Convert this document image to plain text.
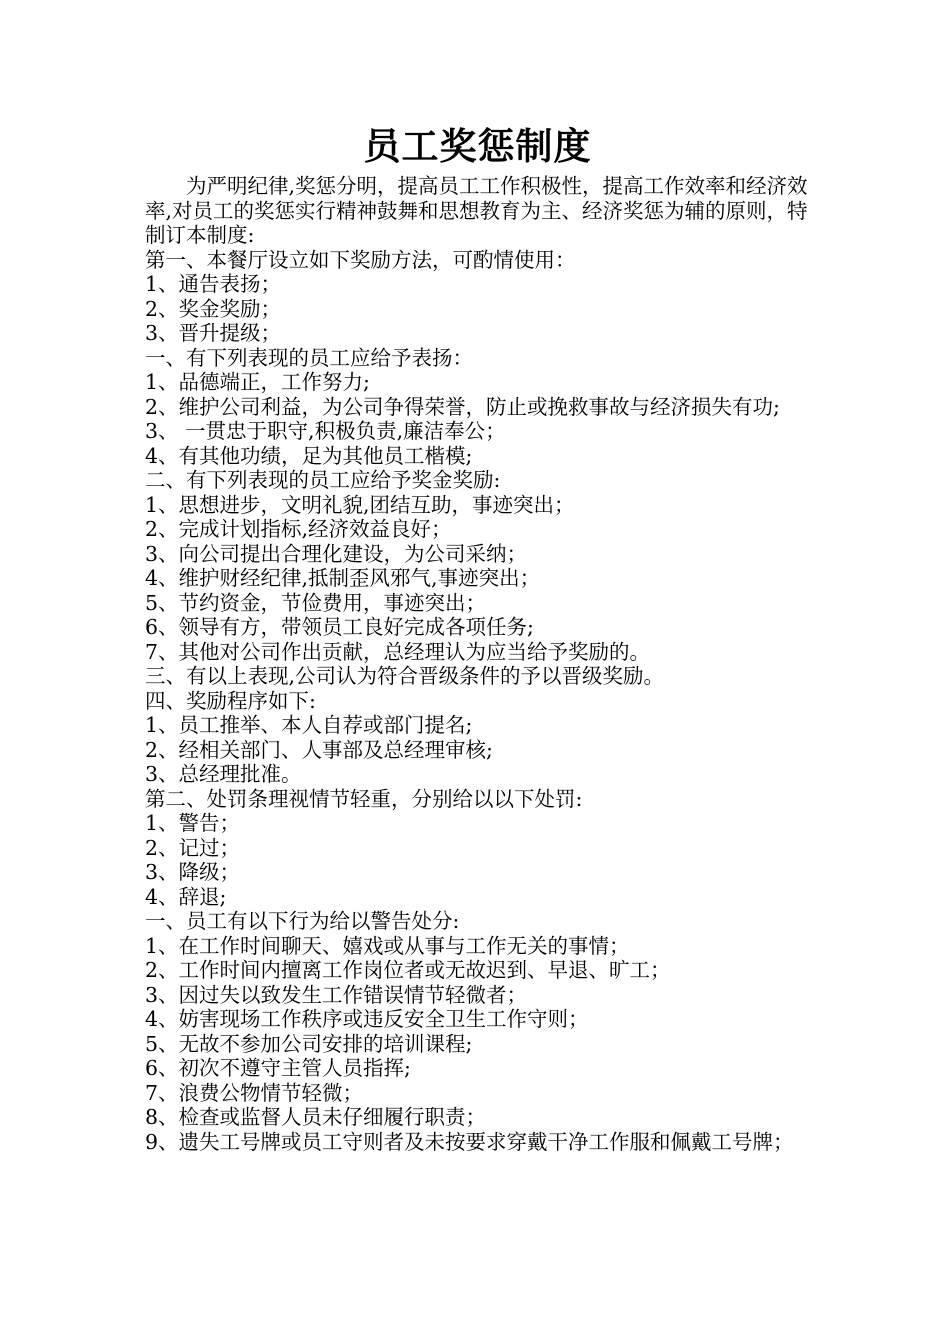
员工奖惩制度

为严明纪律,奖惩分明，提高员工工作积极性，提高工作效率和经济效率,对员工的奖惩实行精神鼓舞和思想教育为主、经济奖惩为辅的原则，特制订本制度:

第一、本餐厅设立如下奖励方法，可酌情使用：

1、通告表扬；

2、奖金奖励；

3、晋升提级；

一、有下列表现的员工应给予表扬：

1、品德端正，工作努力;

2、维护公司利益，为公司争得荣誉，防止或挽救事故与经济损失有功;

3、 一贯忠于职守,积极负责,廉洁奉公；

4、有其他功绩，足为其他员工楷模;

二、有下列表现的员工应给予奖金奖励:

1、思想进步，文明礼貌,团结互助，事迹突出；

2、完成计划指标,经济效益良好；

3、向公司提出合理化建设，为公司采纳；

4、维护财经纪律,抵制歪风邪气,事迹突出；

5、节约资金，节俭费用，事迹突出；

6、领导有方，带领员工良好完成各项任务;

7、其他对公司作出贡献，总经理认为应当给予奖励的。

三、有以上表现,公司认为符合晋级条件的予以晋级奖励。

四、奖励程序如下:

1、员工推举、本人自荐或部门提名;

2、经相关部门、人事部及总经理审核;

3、总经理批准。

第二、处罚条理视情节轻重，分别给以以下处罚:

1、警告；

2、记过；

3、降级；

4、辞退;

一、员工有以下行为给以警告处分:

1、在工作时间聊天、嬉戏或从事与工作无关的事情；

2、工作时间内擅离工作岗位者或无故迟到、早退、旷工；

3、因过失以致发生工作错误情节轻微者；

4、妨害现场工作秩序或违反安全卫生工作守则；

5、无故不参加公司安排的培训课程;

6、初次不遵守主管人员指挥;

7、浪费公物情节轻微；

8、检查或监督人员未仔细履行职责；

9、遗失工号牌或员工守则者及未按要求穿戴干净工作服和佩戴工号牌；
